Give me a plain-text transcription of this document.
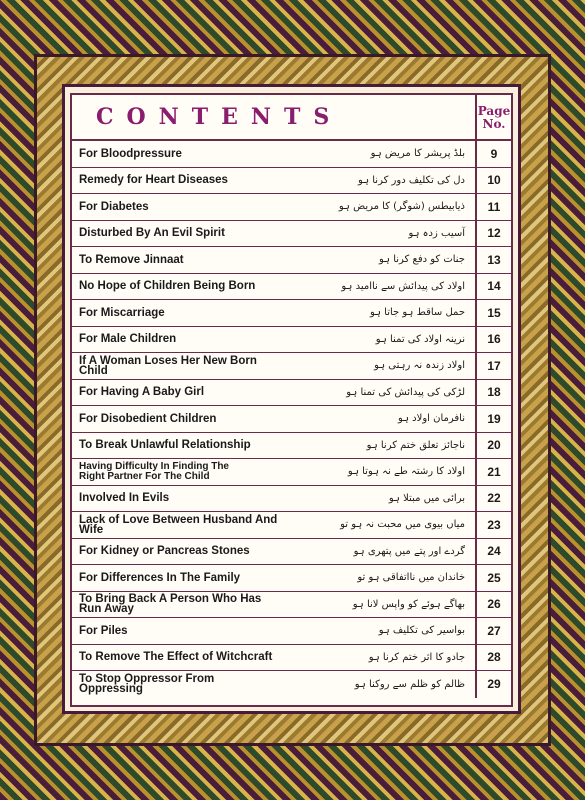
CONTENTS	Page
No.
For Bloodpressure	بلڈ پریشر کا مریض ہو	9
Remedy for Heart Diseases	دل کی تکلیف دور کرنا ہو	10
For Diabetes	ذیابیطس (شوگر) کا مریض ہو	11
Disturbed By An Evil Spirit	آسیب زدہ ہو	12
To Remove Jinnaat	جنات کو دفع کرنا ہو	13
No Hope of Children Being Born	اولاد کی پیدائش سے ناامید ہو	14
For Miscarriage	حمل ساقط ہو جاتا ہو	15
For Male Children	نرینہ اولاد کی تمنا ہو	16
If A Woman Loses Her New Born Child	اولاد زندہ نہ رہتی ہو	17
For Having A Baby Girl	لڑکی کی پیدائش کی تمنا ہو	18
For Disobedient Children	نافرمان اولاد ہو	19
To Break Unlawful Relationship	ناجائز تعلق ختم کرنا ہو	20
Having Difficulty In Finding The
Right Partner For The Child	اولاد کا رشتہ طے نہ ہوتا ہو	21
Involved In Evils	برائی میں مبتلا ہو	22
Lack of Love Between Husband And Wife	میاں بیوی میں محبت نہ ہو تو	23
For Kidney or Pancreas Stones	گردے اور پتے میں پتھری ہو	24
For Differences In The Family	خاندان میں نااتفاقی ہو تو	25
To Bring Back A Person Who Has Run Away	بھاگے ہوئے کو واپس لانا ہو	26
For Piles	بواسیر کی تکلیف ہو	27
To Remove The Effect of Witchcraft	جادو کا اثر ختم کرنا ہو	28
To Stop Oppressor From Oppressing	ظالم کو ظلم سے روکنا ہو	29
